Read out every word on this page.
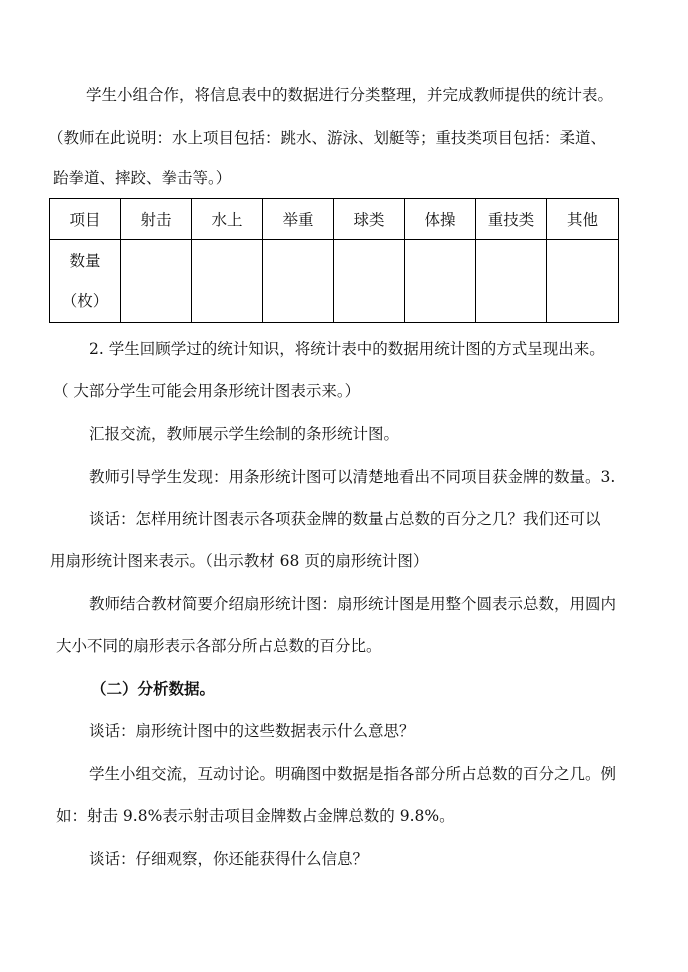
学生小组合作，将信息表中的数据进行分类整理，并完成教师提供的统计表。
（教师在此说明：水上项目包括：跳水、游泳、划艇等；重技类项目包括：柔道、
跆拳道、摔跤、拳击等。）
项目	射击	水上	举重	球类	体操	重技类	其他

数量
（枚）							

2. 学生回顾学过的统计知识，将统计表中的数据用统计图的方式呈现出来。
（ 大部分学生可能会用条形统计图表示来。）
汇报交流，教师展示学生绘制的条形统计图。
教师引导学生发现：用条形统计图可以清楚地看出不同项目获金牌的数量。3.
谈话：怎样用统计图表示各项获金牌的数量占总数的百分之几？我们还可以
用扇形统计图来表示。（出示教材 68 页的扇形统计图）
教师结合教材简要介绍扇形统计图：扇形统计图是用整个圆表示总数，用圆内
大小不同的扇形表示各部分所占总数的百分比。
（二）分析数据。
谈话：扇形统计图中的这些数据表示什么意思？
学生小组交流，互动讨论。明确图中数据是指各部分所占总数的百分之几。例
如：射击 9.8%表示射击项目金牌数占金牌总数的 9.8%。
谈话：仔细观察，你还能获得什么信息？
